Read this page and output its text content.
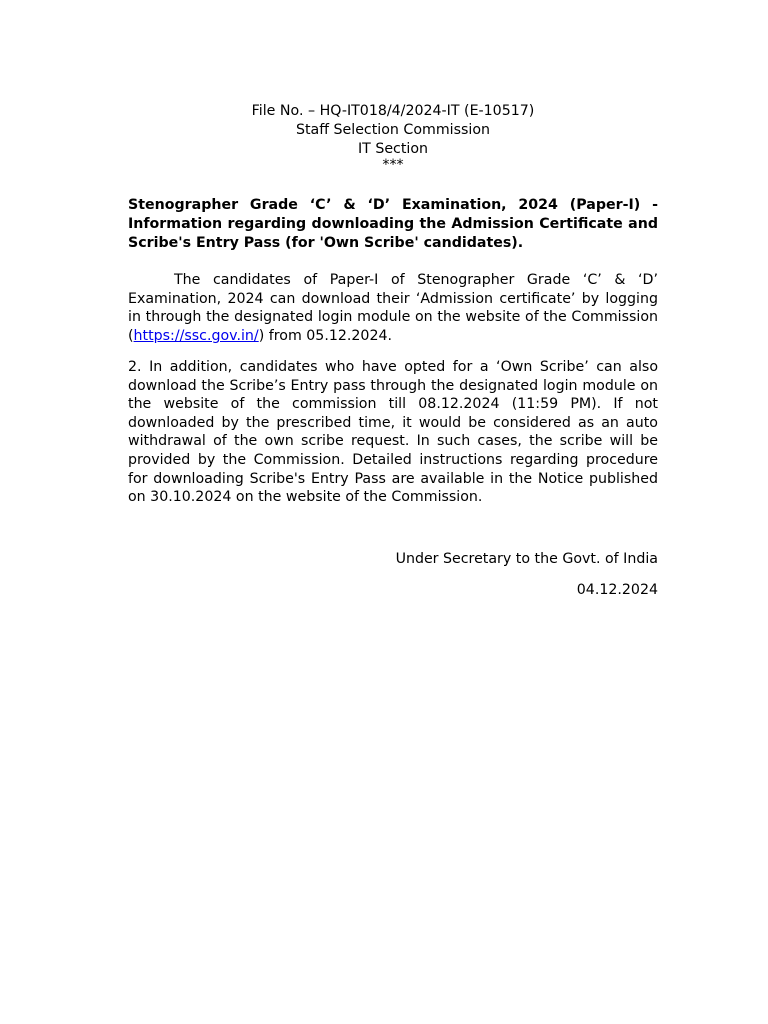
File No. – HQ-IT018/4/2024-IT (E-10517)
Staff Selection Commission
IT Section
***
Stenographer Grade ‘C’ & ‘D’ Examination, 2024 (Paper-I) - Information regarding downloading the Admission Certificate and Scribe's Entry Pass (for 'Own Scribe' candidates).
The candidates of Paper-I of Stenographer Grade ‘C’ & ‘D’ Examination, 2024 can download their ‘Admission certificate’ by logging in through the designated login module on the website of the Commission (https://ssc.gov.in/) from 05.12.2024.
2. In addition, candidates who have opted for a ‘Own Scribe’ can also download the Scribe’s Entry pass through the designated login module on the website of the commission till 08.12.2024 (11:59 PM). If not downloaded by the prescribed time, it would be considered as an auto withdrawal of the own scribe request. In such cases, the scribe will be provided by the Commission. Detailed instructions regarding procedure for downloading Scribe's Entry Pass are available in the Notice published on 30.10.2024 on the website of the Commission.
Under Secretary to the Govt. of India
04.12.2024
